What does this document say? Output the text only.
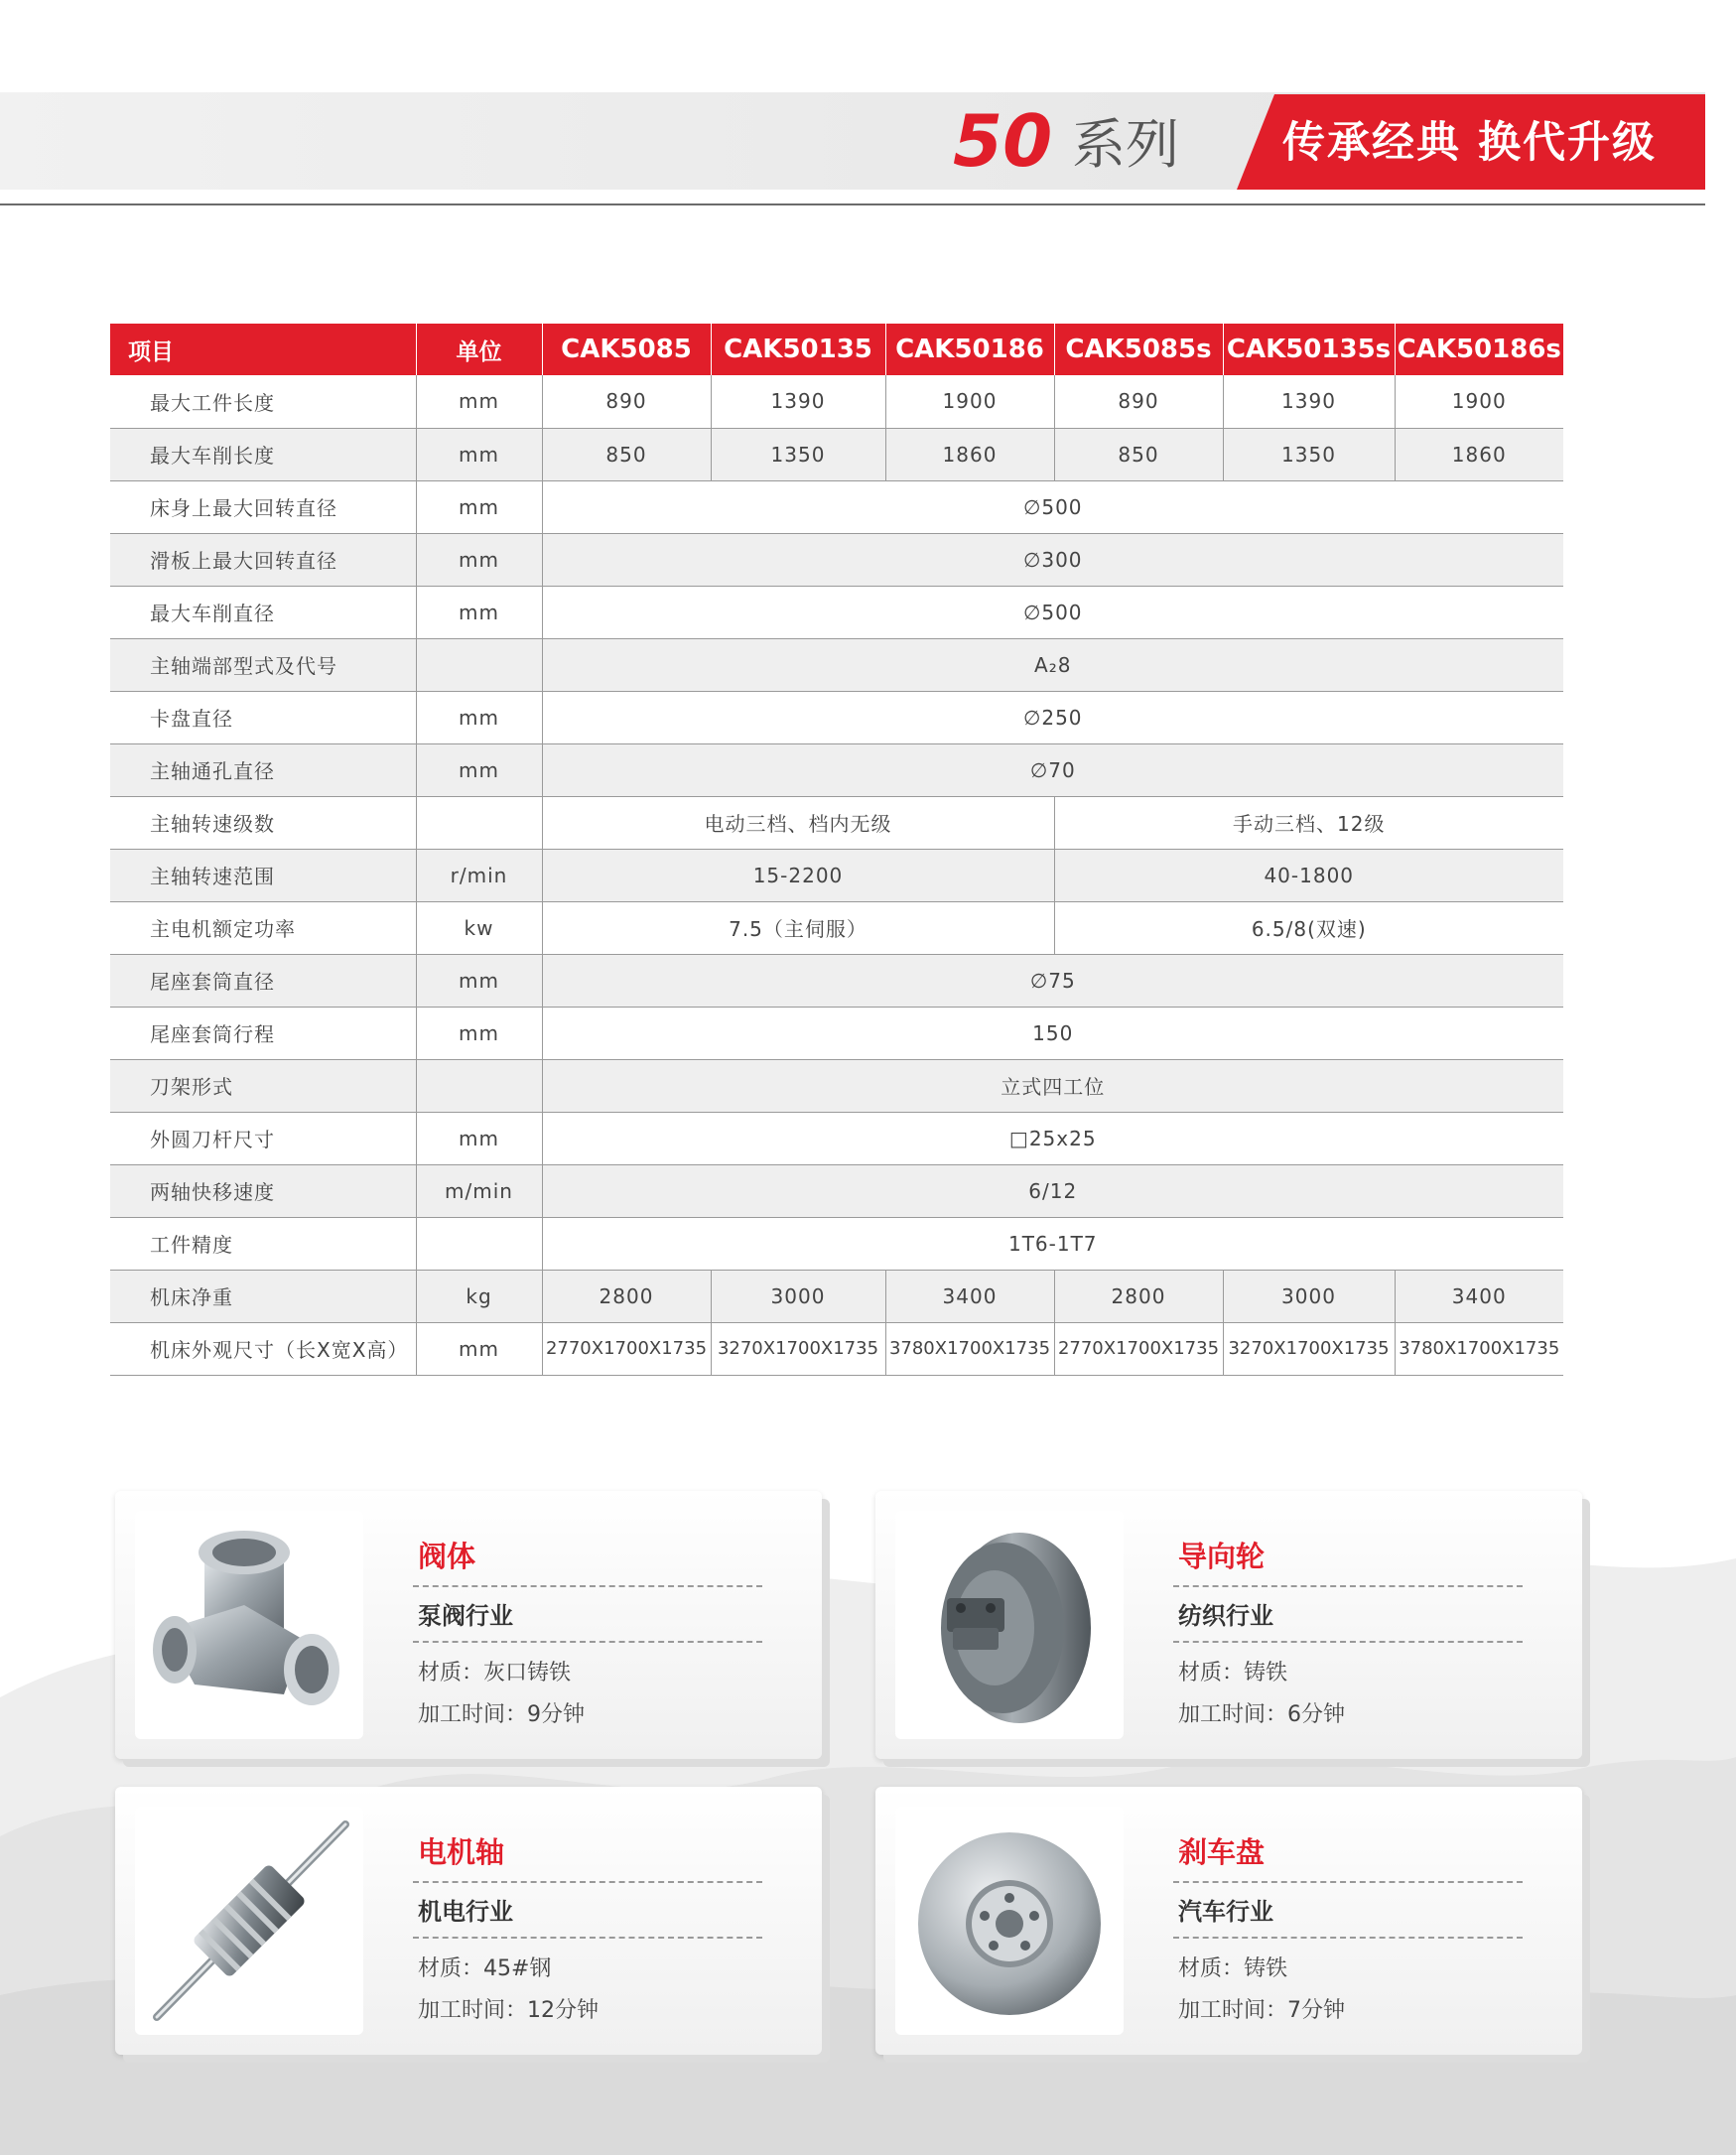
50 系列 传承经典 换代升级
项目	单位	CAK5085	CAK50135	CAK50186	CAK5085s	CAK50135s	CAK50186s
最大工件长度	mm	890	1390	1900	890	1390	1900
最大车削长度	mm	850	1350	1860	850	1350	1860
床身上最大回转直径	mm	∅500					
滑板上最大回转直径	mm	∅300					
最大车削直径	mm	∅500					
主轴端部型式及代号		A₂8					
卡盘直径	mm	∅250					
主轴通孔直径	mm	∅70					
主轴转速级数		电动三档、档内无级			手动三档、12级		
主轴转速范围	r/min	15-2200			40-1800		
主电机额定功率	kw	7.5（主伺服）			6.5/8(双速)		
尾座套筒直径	mm	∅75					
尾座套筒行程	mm	150					
刀架形式		立式四工位					
外圆刀杆尺寸	mm	□25x25					
两轴快移速度	m/min	6/12					
工件精度		1T6-1T7					
机床净重	kg	2800	3000	3400	2800	3000	3400
机床外观尺寸（长X宽X高）	mm	2770X1700X1735	3270X1700X1735	3780X1700X1735	2770X1700X1735	3270X1700X1735	3780X1700X1735
阀体
泵阀行业
材质：灰口铸铁
加工时间：9分钟
导向轮
纺织行业
材质：铸铁
加工时间：6分钟
电机轴
机电行业
材质：45#钢
加工时间：12分钟
刹车盘
汽车行业
材质：铸铁
加工时间：7分钟
